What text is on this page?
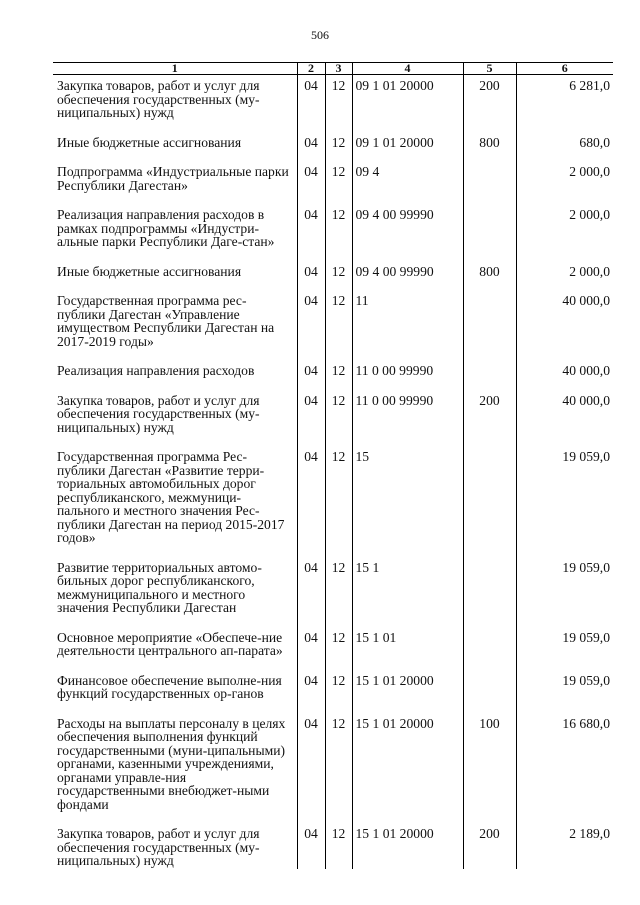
506
1	2	3	4	5	6
Закупка товаров, работ и услуг для обеспечения государственных (му-ниципальных) нужд	04	12	09 1 01 20000	200	6 281,0
Иные бюджетные ассигнования	04	12	09 1 01 20000	800	680,0
Подпрограмма «Индустриальные парки Республики Дагестан»	04	12	09 4		2 000,0
Реализация направления расходов в рамках подпрограммы «Индустри-альные парки Республики Даге-стан»	04	12	09 4 00 99990		2 000,0
Иные бюджетные ассигнования	04	12	09 4 00 99990	800	2 000,0
Государственная программа рес-публики Дагестан «Управление имуществом Республики Дагестан на 2017-2019 годы»	04	12	11		40 000,0
Реализация направления расходов	04	12	11 0 00 99990		40 000,0
Закупка товаров, работ и услуг для обеспечения государственных (му-ниципальных) нужд	04	12	11 0 00 99990	200	40 000,0
Государственная программа Рес-публики Дагестан «Развитие терри-ториальных автомобильных дорог республиканского, межмуници-пального и местного значения Рес-публики Дагестан на период 2015-2017 годов»	04	12	15		19 059,0
Развитие территориальных автомо-бильных дорог республиканского, межмуниципального и местного значения Республики Дагестан	04	12	15 1		19 059,0
Основное мероприятие «Обеспече-ние деятельности центрального ап-парата»	04	12	15 1 01		19 059,0
Финансовое обеспечение выполне-ния функций государственных ор-ганов	04	12	15 1 01 20000		19 059,0
Расходы на выплаты персоналу в целях обеспечения выполнения функций государственными (муни-ципальными) органами, казенными учреждениями, органами управле-ния государственными внебюджет-ными фондами	04	12	15 1 01 20000	100	16 680,0
Закупка товаров, работ и услуг для обеспечения государственных (му-ниципальных) нужд	04	12	15 1 01 20000	200	2 189,0
